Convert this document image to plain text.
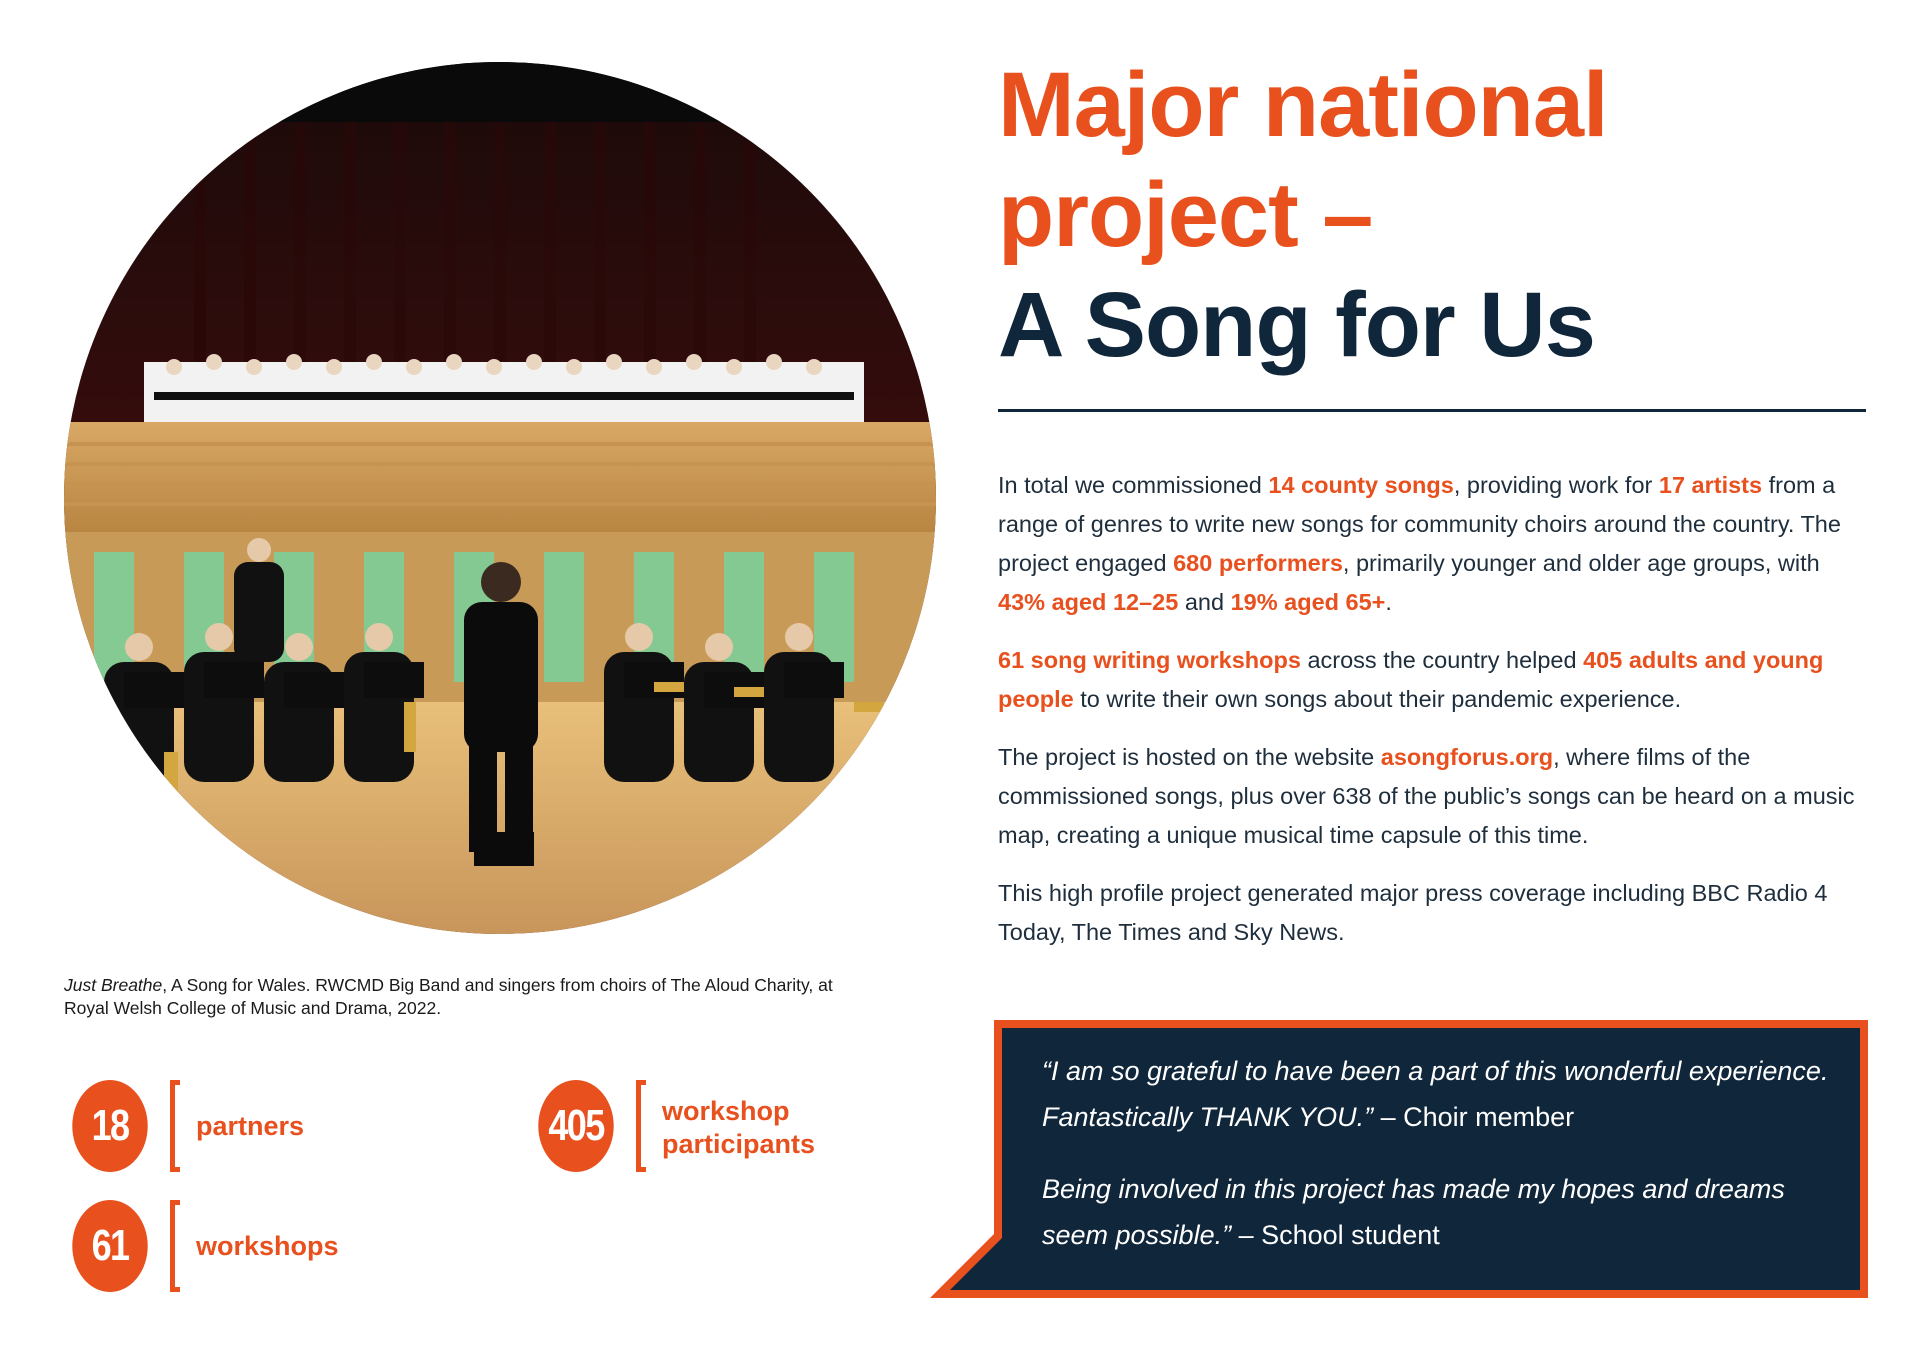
Just Breathe, A Song for Wales. RWCMD Big Band and singers from choirs of The Aloud Charity, at
Royal Welsh College of Music and Drama, 2022.
18	partners	405	workshop
participants
61	workshops
Major national
project –
A Song for Us

In total we commissioned 14 county songs, providing work for 17 artists from a range of genres to write new songs for community choirs around the country. The project engaged 680 performers, primarily younger and older age groups, with 43% aged 12–25 and 19% aged 65+.

61 song writing workshops across the country helped 405 adults and young people to write their own songs about their pandemic experience.

The project is hosted on the website asongforus.org, where films of the commissioned songs, plus over 638 of the public’s songs can be heard on a music map, creating a unique musical time capsule of this time.

This high profile project generated major press coverage including BBC Radio 4 Today, The Times and Sky News.

“I am so grateful to have been a part of this wonderful experience. Fantastically THANK YOU.” – Choir member

Being involved in this project has made my hopes and dreams seem possible.” – School student
